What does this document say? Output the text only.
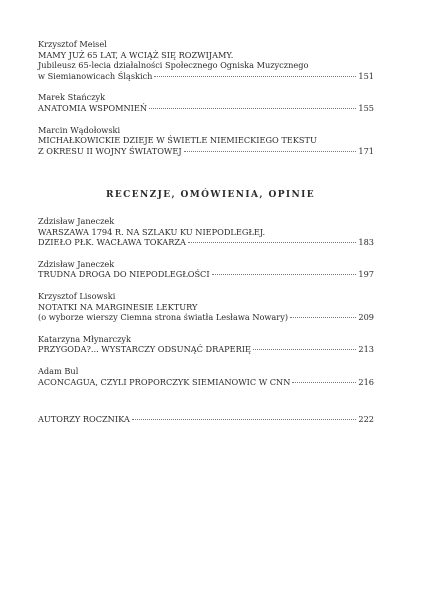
Krzysztof Meisel
MAMY JUŻ 65 LAT, A WCIĄŻ SIĘ ROZWIJAMY.
Jubileusz 65-lecia działalności Społecznego Ogniska Muzycznego
w Siemianowicach Śląskich	151
Marek Stańczyk
ANATOMIA WSPOMNIEŃ	155
Marcin Wądołowski
MICHAŁKOWICKIE DZIEJE W ŚWIETLE NIEMIECKIEGO TEKSTU
Z OKRESU II WOJNY ŚWIATOWEJ	171
RECENZJE, OMÓWIENIA, OPINIE
Zdzisław Janeczek
WARSZAWA 1794 R. NA SZLAKU KU NIEPODLEGŁEJ.
DZIEŁO PŁK. WACŁAWA TOKARZA	183
Zdzisław Janeczek
TRUDNA DROGA DO NIEPODLEGŁOŚCI	197
Krzysztof Lisowski
NOTATKI NA MARGINESIE LEKTURY
(o wyborze wierszy Ciemna strona światła Lesława Nowary)	209
Katarzyna Młynarczyk
PRZYGODA?... WYSTARCZY ODSUNĄĆ DRAPERIĘ	213
Adam Bul
ACONCAGUA, CZYLI PROPORCZYK SIEMIANOWIC W CNN	216
AUTORZY ROCZNIKA	222
